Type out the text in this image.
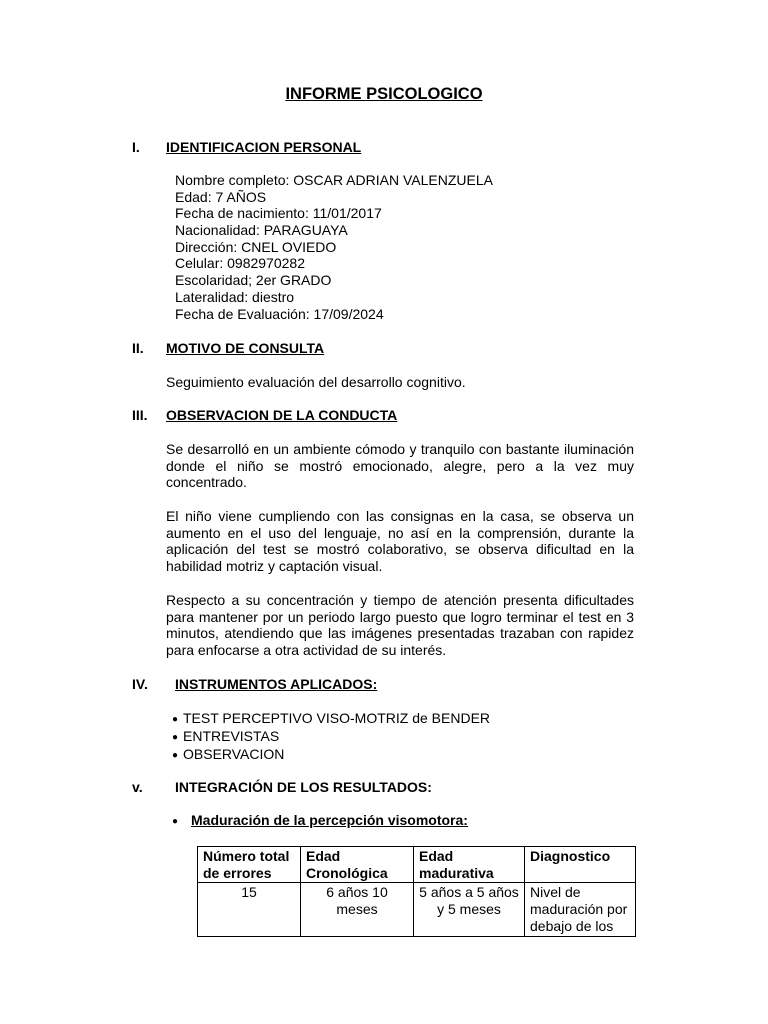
INFORME PSICOLOGICO
I. IDENTIFICACION PERSONAL
Nombre completo: OSCAR ADRIAN VALENZUELA
Edad: 7 AÑOS
Fecha de nacimiento: 11/01/2017
Nacionalidad: PARAGUAYA
Dirección: CNEL OVIEDO
Celular: 0982970282
Escolaridad; 2er GRADO
Lateralidad: diestro
Fecha de Evaluación: 17/09/2024
II. MOTIVO DE CONSULTA

Seguimiento evaluación del desarrollo cognitivo.

III. OBSERVACION DE LA CONDUCTA

Se desarrolló en un ambiente cómodo y tranquilo con bastante iluminación donde el niño se mostró emocionado, alegre, pero a la vez muy concentrado.

El niño viene cumpliendo con las consignas en la casa, se observa un aumento en el uso del lenguaje, no así en la comprensión, durante la aplicación del test se mostró colaborativo, se observa dificultad en la habilidad motriz y captación visual.

Respecto a su concentración y tiempo de atención presenta dificultades para mantener por un periodo largo puesto que logro terminar el test en 3 minutos, atendiendo que las imágenes presentadas trazaban con rapidez para enfocarse a otra actividad de su interés.

IV. INSTRUMENTOS APLICADOS:
● TEST PERCEPTIVO VISO-MOTRIZ de BENDER
● ENTREVISTAS
● OBSERVACION
v. INTEGRACIÓN DE LOS RESULTADOS:
● Maduración de la percepción visomotora:
Número total de errores	Edad Cronológica	Edad madurativa	Diagnostico
15	6 años 10 meses	5 años a 5 años y 5 meses	Nivel de maduración por debajo de los
